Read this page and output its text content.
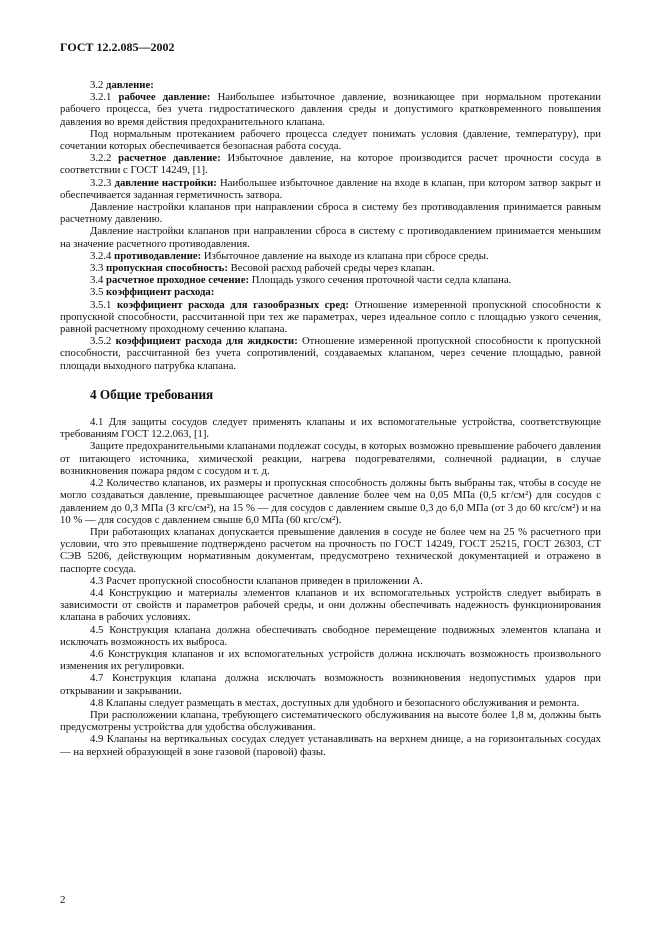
ГОСТ 12.2.085—2002

3.2 давление:

3.2.1 рабочее давление: Наибольшее избыточное давление, возникающее при нормальном протекании рабочего процесса, без учета гидростатического давления среды и допустимого кратковременного повышения давления во время действия предохранительного клапана.

Под нормальным протеканием рабочего процесса следует понимать условия (давление, температуру), при сочетании которых обеспечивается безопасная работа сосуда.

3.2.2 расчетное давление: Избыточное давление, на которое производится расчет прочности сосуда в соответствии с ГОСТ 14249, [1].

3.2.3 давление настройки: Наибольшее избыточное давление на входе в клапан, при котором затвор закрыт и обеспечивается заданная герметичность затвора.

Давление настройки клапанов при направлении сброса в систему без противодавления принимается равным расчетному давлению.

Давление настройки клапанов при направлении сброса в систему с противодавлением принимается меньшим на значение расчетного противодавления.

3.2.4 противодавление: Избыточное давление на выходе из клапана при сбросе среды.

3.3 пропускная способность: Весовой расход рабочей среды через клапан.

3.4 расчетное проходное сечение: Площадь узкого сечения проточной части седла клапана.

3.5 коэффициент расхода:

3.5.1 коэффициент расхода для газообразных сред: Отношение измеренной пропускной способности к пропускной способности, рассчитанной при тех же параметрах, через идеальное сопло с площадью узкого сечения, равной расчетному проходному сечению клапана.

3.5.2 коэффициент расхода для жидкости: Отношение измеренной пропускной способности к пропускной способности, рассчитанной без учета сопротивлений, создаваемых клапаном, через сечение площадью, равной площади выходного патрубка клапана.

4 Общие требования

4.1 Для защиты сосудов следует применять клапаны и их вспомогательные устройства, соответствующие требованиям ГОСТ 12.2.063, [1].

Защите предохранительными клапанами подлежат сосуды, в которых возможно превышение рабочего давления от питающего источника, химической реакции, нагрева подогревателями, солнечной радиации, в случае возникновения пожара рядом с сосудом и т. д.

4.2 Количество клапанов, их размеры и пропускная способность должны быть выбраны так, чтобы в сосуде не могло создаваться давление, превышающее расчетное давление более чем на 0,05 МПа (0,5 кг/см²) для сосудов с давлением до 0,3 МПа (3 кгс/см²), на 15 % — для сосудов с давлением свыше 0,3 до 6,0 МПа (от 3 до 60 кгс/см²) и на 10 % — для сосудов с давлением свыше 6,0 МПа (60 кгс/см²).

При работающих клапанах допускается превышение давления в сосуде не более чем на 25 % расчетного при условии, что это превышение подтверждено расчетом на прочность по ГОСТ 14249, ГОСТ 25215, ГОСТ 26303, СТ СЭВ 5206, действующим нормативным документам, предусмотрено технической документацией и отражено в паспорте сосуда.

4.3 Расчет пропускной способности клапанов приведен в приложении А.

4.4 Конструкцию и материалы элементов клапанов и их вспомогательных устройств следует выбирать в зависимости от свойств и параметров рабочей среды, и они должны обеспечивать надежность функционирования клапана в рабочих условиях.

4.5 Конструкция клапана должна обеспечивать свободное перемещение подвижных элементов клапана и исключать возможность их выброса.

4.6 Конструкция клапанов и их вспомогательных устройств должна исключать возможность произвольного изменения их регулировки.

4.7 Конструкция клапана должна исключать возможность возникновения недопустимых ударов при открывании и закрывании.

4.8 Клапаны следует размещать в местах, доступных для удобного и безопасного обслуживания и ремонта.

При расположении клапана, требующего систематического обслуживания на высоте более 1,8 м, должны быть предусмотрены устройства для удобства обслуживания.

4.9 Клапаны на вертикальных сосудах следует устанавливать на верхнем днище, а на горизонтальных сосудах — на верхней образующей в зоне газовой (паровой) фазы.

2
